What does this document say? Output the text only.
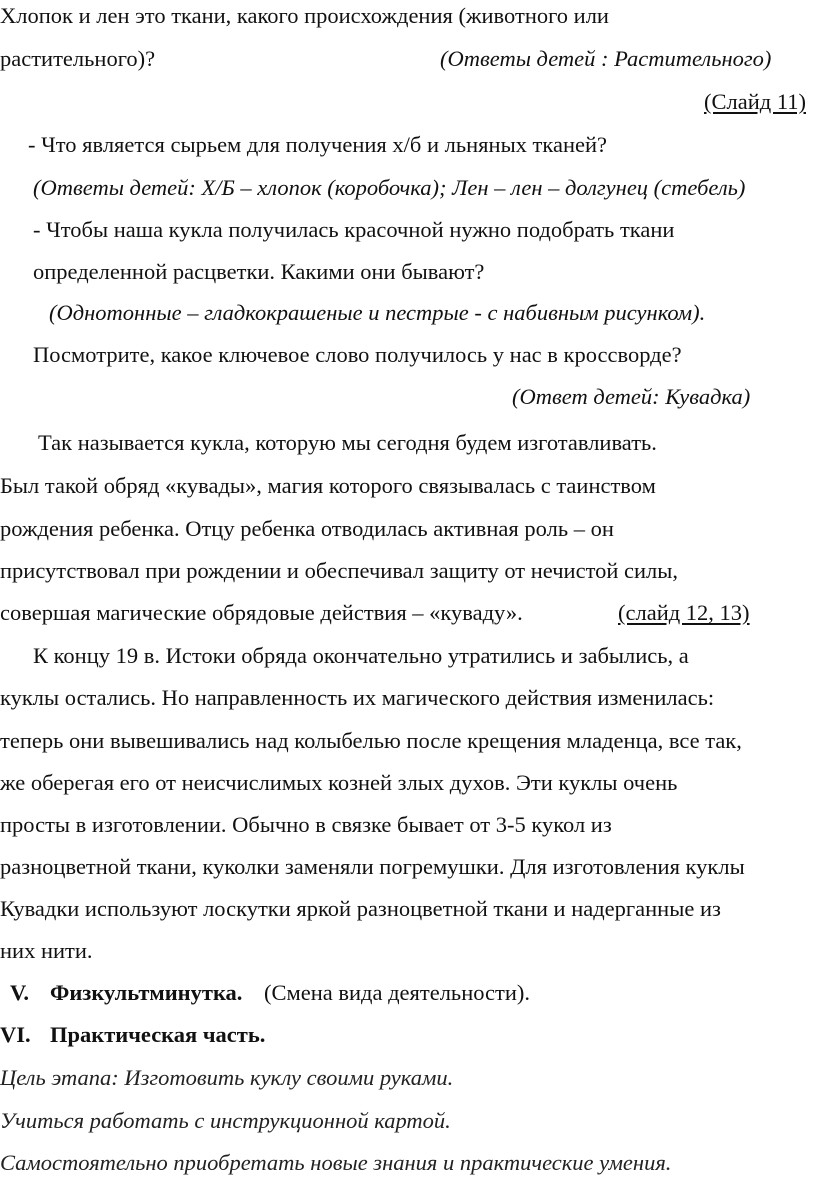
Хлопок и лен это ткани, какого происхождения (животного или
растительного)?	(Ответы детей : Растительного)
(Слайд 11)
- Что является сырьем для получения х/б и льняных тканей?
(Ответы детей: Х/Б – хлопок (коробочка); Лен – лен – долгунец (стебель)
- Чтобы наша кукла получилась красочной нужно подобрать ткани
определенной расцветки. Какими они бывают?
(Однотонные – гладкокрашеные и пестрые - с набивным рисунком).
Посмотрите, какое ключевое слово получилось у нас в кроссворде?
(Ответ детей: Кувадка)
Так называется кукла, которую мы сегодня будем изготавливать.
Был такой обряд «кувады», магия которого связывалась с таинством
рождения ребенка. Отцу ребенка отводилась активная роль – он
присутствовал при рождении и обеспечивал защиту от нечистой силы,
совершая магические обрядовые действия – «куваду».	(слайд 12, 13)
К концу 19 в. Истоки обряда окончательно утратились и забылись, а
куклы остались. Но направленность их магического действия изменилась:
теперь они вывешивались над колыбелью после крещения младенца, все так,
же оберегая его от неисчислимых козней злых духов. Эти куклы очень
просты в изготовлении. Обычно в связке бывает от 3-5 кукол из
разноцветной ткани, куколки заменяли погремушки. Для изготовления куклы
Кувадки используют лоскутки яркой разноцветной ткани и надерганные из
них нити.
V. Физкультминутка. (Смена вида деятельности).
VI. Практическая часть.
Цель этапа: Изготовить куклу своими руками.
Учиться работать с инструкционной картой.
Самостоятельно приобретать новые знания и практические умения.
